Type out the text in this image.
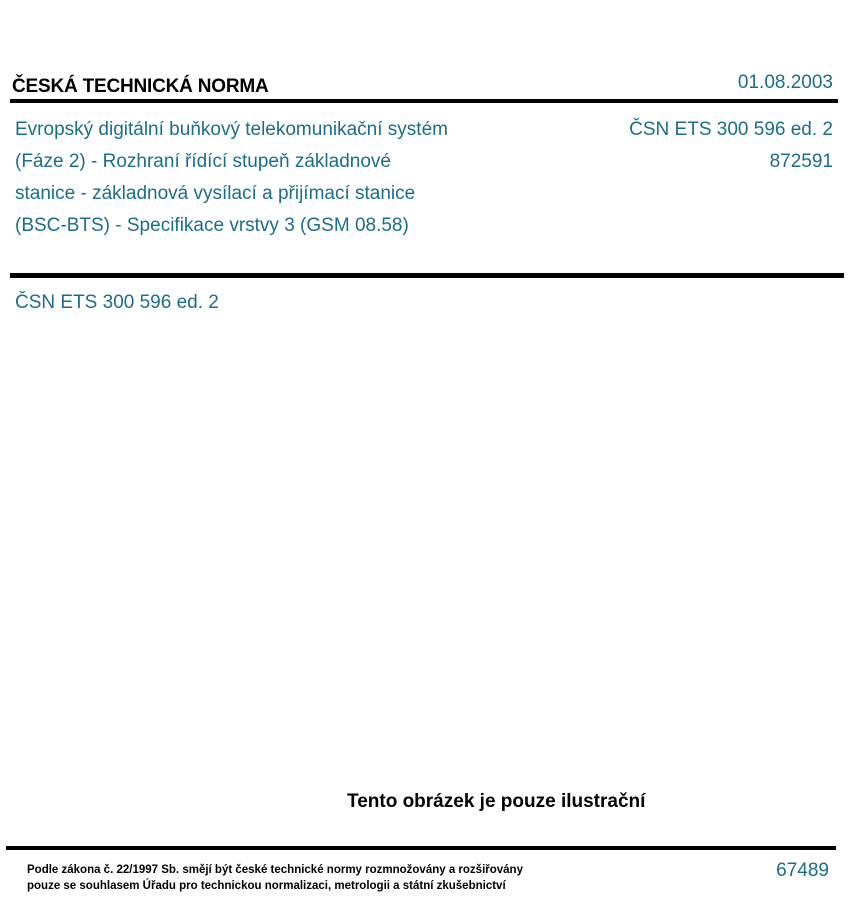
ČESKÁ TECHNICKÁ NORMA	01.08.2003
Evropský digitální buňkový telekomunikační systém
(Fáze 2) - Rozhraní řídící stupeň základnové
stanice - základnová vysílací a přijímací stanice
(BSC-BTS) - Specifikace vrstvy 3 (GSM 08.58)
ČSN ETS 300 596 ed. 2
872591
ČSN ETS 300 596 ed. 2
Tento obrázek je pouze ilustrační
Podle zákona č. 22/1997 Sb. smějí být české technické normy rozmnožovány a rozšiřovány
pouze se souhlasem Úřadu pro technickou normalizaci, metrologii a státní zkušebnictví
67489
